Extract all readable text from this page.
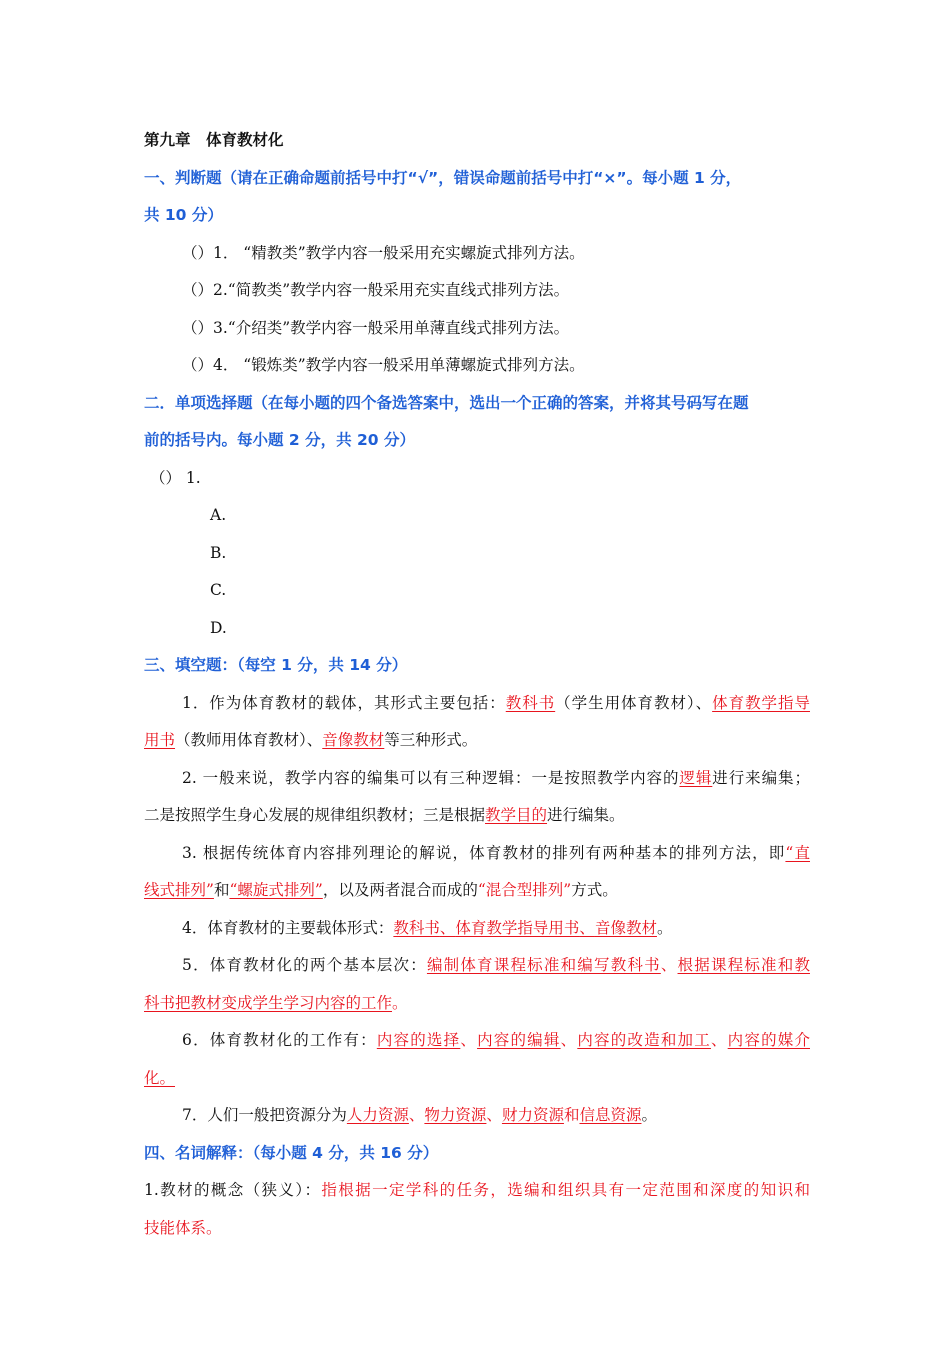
第九章　体育教材化
一、判断题（请在正确命题前括号中打“√”，错误命题前括号中打“×”。每小题 1 分，
共 10 分）
（）1． “精教类”教学内容一般采用充实螺旋式排列方法。
（）2.“简教类”教学内容一般采用充实直线式排列方法。
（）3.“介绍类”教学内容一般采用单薄直线式排列方法。
（）4． “锻炼类”教学内容一般采用单薄螺旋式排列方法。
二．单项选择题（在每小题的四个备选答案中，选出一个正确的答案，并将其号码写在题
前的括号内。每小题 2 分，共 20 分）
（） 1.
A.
B.
C.
D.
三、填空题：（每空 1 分，共 14 分）
1．作为体育教材的载体，其形式主要包括：教科书（学生用体育教材）、体育教学指导
用书（教师用体育教材）、音像教材等三种形式。
2. 一般来说，教学内容的编集可以有三种逻辑：一是按照教学内容的逻辑进行来编集；
二是按照学生身心发展的规律组织教材；三是根据教学目的进行编集。
3. 根据传统体育内容排列理论的解说，体育教材的排列有两种基本的排列方法，即“直
线式排列”和“螺旋式排列”，以及两者混合而成的“混合型排列”方式。
4．体育教材的主要载体形式：教科书、体育教学指导用书、音像教材。
5．体育教材化的两个基本层次：编制体育课程标准和编写教科书、根据课程标准和教
科书把教材变成学生学习内容的工作。
6．体育教材化的工作有：内容的选择、内容的编辑、内容的改造和加工、内容的媒介
化。
7．人们一般把资源分为人力资源、物力资源、财力资源和信息资源。
四、名词解释：（每小题 4 分，共 16 分）
1.教材的概念（狭义）：指根据一定学科的任务，选编和组织具有一定范围和深度的知识和
技能体系。
